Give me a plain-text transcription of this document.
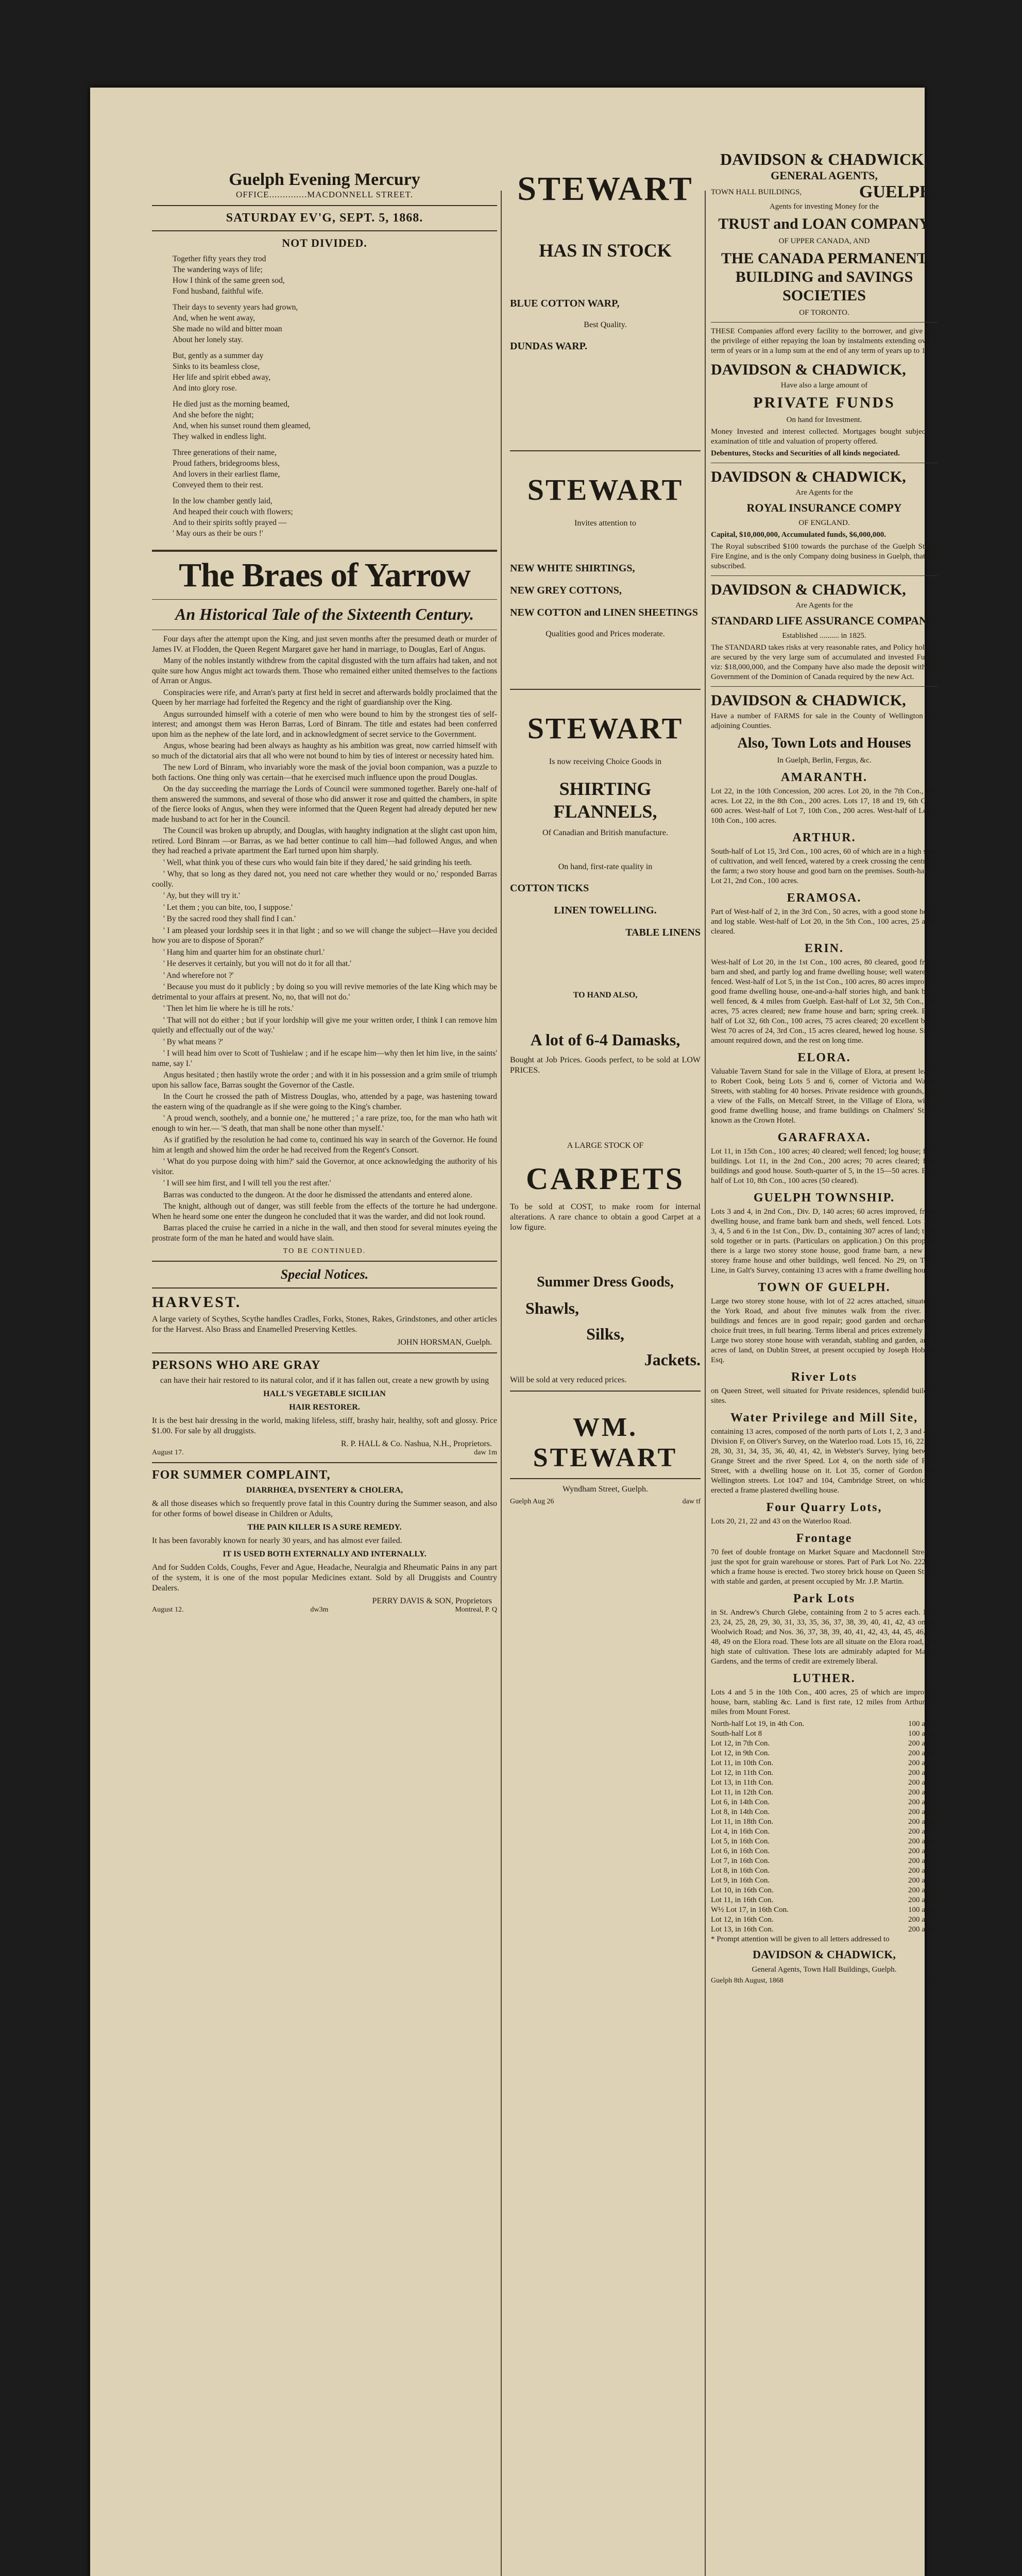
Guelph Evening Mercury
OFFICE..............MACDONNELL STREET.
SATURDAY EV'G, SEPT. 5, 1868.
NOT DIVIDED.

Together fifty years they trod

The wandering ways of life;

How I think of the same green sod,

Fond husband, faithful wife.

Their days to seventy years had grown,

And, when he went away,

She made no wild and bitter moan

About her lonely stay.

But, gently as a summer day

Sinks to its beamless close,

Her life and spirit ebbed away,

And into glory rose.

He died just as the morning beamed,

And she before the night;

And, when his sunset round them gleamed,

They walked in endless light.

Three generations of their name,

Proud fathers, bridegrooms bless,

And lovers in their earliest flame,

Conveyed them to their rest.

In the low chamber gently laid,

And heaped their couch with flowers;

And to their spirits softly prayed —

' May ours as their be ours !'

The Braes of Yarrow
An Historical Tale of the Sixteenth Century.

Four days after the attempt upon the King, and just seven months after the presumed death or murder of James IV. at Flodden, the Queen Regent Margaret gave her hand in marriage, to Douglas, Earl of Angus.

Many of the nobles instantly withdrew from the capital disgusted with the turn affairs had taken, and not quite sure how Angus might act towards them. Those who remained either united themselves to the factions of Arran or Angus.

Conspiracies were rife, and Arran's party at first held in secret and afterwards boldly proclaimed that the Queen by her marriage had forfeited the Regency and the right of guardianship over the King.

Angus surrounded himself with a coterie of men who were bound to him by the strongest ties of self-interest; and amongst them was Heron Barras, Lord of Binram. The title and estates had been conferred upon him as the nephew of the late lord, and in acknowledgment of secret service to the Government.

Angus, whose bearing had been always as haughty as his ambition was great, now carried himself with so much of the dictatorial airs that all who were not bound to him by ties of interest or necessity hated him.

The new Lord of Binram, who invariably wore the mask of the jovial boon companion, was a puzzle to both factions. One thing only was certain—that he exercised much influence upon the proud Douglas.

On the day succeeding the marriage the Lords of Council were summoned together. Barely one-half of them answered the summons, and several of those who did answer it rose and quitted the chambers, in spite of the fierce looks of Angus, when they were informed that the Queen Regent had already deputed her new made husband to act for her in the Council.

The Council was broken up abruptly, and Douglas, with haughty indignation at the slight cast upon him, retired. Lord Binram —or Barras, as we had better continue to call him—had followed Angus, and when they had reached a private apartment the Earl turned upon him sharply.

' Well, what think you of these curs who would fain bite if they dared,' he said grinding his teeth.

' Why, that so long as they dared not, you need not care whether they would or no,' responded Barras coolly.

' Ay, but they will try it.'

' Let them ; you can bite, too, I suppose.'

' By the sacred rood they shall find I can.'

' I am pleased your lordship sees it in that light ; and so we will change the subject—Have you decided how you are to dispose of Sporan?'

' Hang him and quarter him for an obstinate churl.'

' He deserves it certainly, but you will not do it for all that.'

' And wherefore not ?'

' Because you must do it publicly ; by doing so you will revive memories of the late King which may be detrimental to your affairs at present. No, no, that will not do.'

' Then let him lie where he is till he rots.'

' That will not do either ; but if your lordship will give me your written order, I think I can remove him quietly and effectually out of the way.'

' By what means ?'

' I will head him over to Scott of Tushielaw ; and if he escape him—why then let him live, in the saints' name, say I.'

Angus hesitated ; then hastily wrote the order ; and with it in his possession and a grim smile of triumph upon his sallow face, Barras sought the Governor of the Castle.

In the Court he crossed the path of Mistress Douglas, who, attended by a page, was hastening toward the eastern wing of the quadrangle as if she were going to the King's chamber.

' A proud wench, soothely, and a bonnie one,' he muttered ; ' a rare prize, too, for the man who hath wit enough to win her.— 'S death, that man shall be none other than myself.'

As if gratified by the resolution he had come to, continued his way in search of the Governor. He found him at length and showed him the order he had received from the Regent's Consort.

' What do you purpose doing with him?' said the Governor, at once acknowledging the authority of his visitor.

' I will see him first, and I will tell you the rest after.'

Barras was conducted to the dungeon. At the door he dismissed the attendants and entered alone.

The knight, although out of danger, was still feeble from the effects of the torture he had undergone. When he heard some one enter the dungeon he concluded that it was the warder, and did not look round.

Barras placed the cruise he carried in a niche in the wall, and then stood for several minutes eyeing the prostrate form of the man he hated and would have slain.

TO BE CONTINUED.
Special Notices.
HARVEST.

A large variety of Scythes, Scythe handles Cradles, Forks, Stones, Rakes, Grindstones, and other articles for the Harvest. Also Brass and Enamelled Preserving Kettles.

JOHN HORSMAN, Guelph.
PERSONS WHO ARE GRAY

can have their hair restored to its natural color, and if it has fallen out, create a new growth by using

HALL'S VEGETABLE SICILIAN

HAIR RESTORER.

It is the best hair dressing in the world, making lifeless, stiff, brashy hair, healthy, soft and glossy. Price $1.00. For sale by all druggists.

R. P. HALL & Co. Nashua, N.H., Proprietors.
August 17.	daw 1m
FOR SUMMER COMPLAINT,

DIARRHŒA, DYSENTERY & CHOLERA,

& all those diseases which so frequently prove fatal in this Country during the Summer season, and also for other forms of bowel disease in Children or Adults,

THE PAIN KILLER IS A SURE REMEDY.

It has been favorably known for nearly 30 years, and has almost ever failed.

IT IS USED BOTH EXTERNALLY AND INTERNALLY.

And for Sudden Colds, Coughs, Fever and Ague, Headache, Neuralgia and Rheumatic Pains in any part of the system, it is one of the most popular Medicines extant. Sold by all Druggists and Country Dealers.

PERRY DAVIS & SON, Proprietors
August 12.	dw3m	Montreal, P. Q
STEWART
HAS IN STOCK
BLUE COTTON WARP,

Best Quality.

DUNDAS WARP.
STEWART

Invites attention to

NEW WHITE SHIRTINGS,
NEW GREY COTTONS,
NEW COTTON and LINEN SHEETINGS

Qualities good and Prices moderate.

STEWART

Is now receiving Choice Goods in

SHIRTING FLANNELS,

Of Canadian and British manufacture.

On hand, first-rate quality in

COTTON TICKS
LINEN TOWELLING.
TABLE LINENS

TO HAND ALSO,

A lot of 6-4 Damasks,

Bought at Job Prices. Goods perfect, to be sold at LOW PRICES.

A LARGE STOCK OF

CARPETS

To be sold at COST, to make room for internal alterations. A rare chance to obtain a good Carpet at a low figure.

Summer Dress Goods,
Shawls,
Silks,
Jackets.

Will be sold at very reduced prices.

WM. STEWART

Wyndham Street, Guelph.

Guelph Aug 26	daw tf
DAVIDSON & CHADWICK,
GENERAL AGENTS,
TOWN HALL BUILDINGS,	GUELPH,

Agents for investing Money for the

TRUST and LOAN COMPANY

OF UPPER CANADA, AND

THE CANADA PERMANENT BUILDING and SAVINGS SOCIETIES

OF TORONTO.

THESE Companies afford every facility to the borrower, and give him the privilege of either repaying the loan by instalments extending over a term of years or in a lump sum at the end of any term of years up to 15.

DAVIDSON & CHADWICK,

Have also a large amount of

PRIVATE FUNDS

On hand for Investment.

Money Invested and interest collected. Mortgages bought subject to examination of title and valuation of property offered.

Debentures, Stocks and Securities of all kinds negociated.

DAVIDSON & CHADWICK,

Are Agents for the

ROYAL INSURANCE COMPY

OF ENGLAND.

Capital, $10,000,000, Accumulated funds, $6,000,000.

The Royal subscribed $100 towards the purchase of the Guelph Steam Fire Engine, and is the only Company doing business in Guelph, that has subscribed.

DAVIDSON & CHADWICK,

Are Agents for the

STANDARD LIFE ASSURANCE COMPANY.

Established .......... in 1825.

The STANDARD takes risks at very reasonable rates, and Policy holders are secured by the very large sum of accumulated and invested Funds, viz: $18,000,000, and the Company have also made the deposit with the Government of the Dominion of Canada required by the new Act.

DAVIDSON & CHADWICK,

Have a number of FARMS for sale in the County of Wellington and adjoining Counties.

Also, Town Lots and Houses

In Guelph, Berlin, Fergus, &c.

AMARANTH.

Lot 22, in the 10th Concession, 200 acres. Lot 20, in the 7th Con., 200 acres. Lot 22, in the 8th Con., 200 acres. Lots 17, 18 and 19, 6th Con., 600 acres. West-half of Lot 7, 10th Con., 200 acres. West-half of Lot 8, 10th Con., 100 acres.

ARTHUR.

South-half of Lot 15, 3rd Con., 100 acres, 60 of which are in a high state of cultivation, and well fenced, watered by a creek crossing the centre of the farm; a two story house and good barn on the premises. South-half of Lot 21, 2nd Con., 100 acres.

ERAMOSA.

Part of West-half of 2, in the 3rd Con., 50 acres, with a good stone house and log stable. West-half of Lot 20, in the 5th Con., 100 acres, 25 acres cleared.

ERIN.

West-half of Lot 20, in the 1st Con., 100 acres, 80 cleared, good frame barn and shed, and partly log and frame dwelling house; well watered & fenced. West-half of Lot 5, in the 1st Con., 100 acres, 80 acres improved; good frame dwelling house, one-and-a-half stories high, and bank barn; well fenced, & 4 miles from Guelph. East-half of Lot 32, 5th Con., 100 acres, 75 acres cleared; new frame house and barn; spring creek. East-half of Lot 32, 6th Con., 100 acres, 75 acres cleared; 20 excellent bush. West 70 acres of 24, 3rd Con., 15 acres cleared, hewed log house. Small amount required down, and the rest on long time.

ELORA.

Valuable Tavern Stand for sale in the Village of Elora, at present leased to Robert Cook, being Lots 5 and 6, corner of Victoria and Walnut Streets, with stabling for 40 horses. Private residence with grounds, and a view of the Falls, on Metcalf Street, in the Village of Elora, with a good frame dwelling house, and frame buildings on Chalmers' Street, known as the Crown Hotel.

GARAFRAXA.

Lot 11, in 15th Con., 100 acres; 40 cleared; well fenced; log house; farm buildings. Lot 11, in the 2nd Con., 200 acres; 70 acres cleared; farm buildings and good house. South-quarter of 5, in the 15—50 acres. East-half of Lot 10, 8th Con., 100 acres (50 cleared).

GUELPH TOWNSHIP.

Lots 3 and 4, in 2nd Con., Div. D, 140 acres; 60 acres improved, frame dwelling house, and frame bank barn and sheds, well fenced. Lots 1, 2, 3, 4, 5 and 6 in the 1st Con., Div. D., containing 307 acres of land; to be sold together or in parts. (Particulars on application.) On this property there is a large two storey stone house, good frame barn, a new two storey frame house and other buildings, well fenced. No 29, on Town Line, in Galt's Survey, containing 13 acres with a frame dwelling house.

TOWN OF GUELPH.

Large two storey stone house, with lot of 22 acres attached, situate on the York Road, and about five minutes walk from the river. The buildings and fences are in good repair; good garden and orchard of choice fruit trees, in full bearing. Terms liberal and prices extremely low. Large two storey stone house with verandah, stabling and garden, and 2 acres of land, on Dublin Street, at present occupied by Joseph Hobson, Esq.

River Lots

on Queen Street, well situated for Private residences, splendid building sites.

Water Privilege and Mill Site,

containing 13 acres, composed of the north parts of Lots 1, 2, 3 and 4, in Division F, on Oliver's Survey, on the Waterloo road. Lots 15, 16, 22, 26, 28, 30, 31, 34, 35, 36, 40, 41, 42, in Webster's Survey, lying between Grange Street and the river Speed. Lot 4, on the north side of Pearl Street, with a dwelling house on it. Lot 35, corner of Gordon and Wellington streets. Lot 1047 and 104, Cambridge Street, on which is erected a frame plastered dwelling house.

Four Quarry Lots,

Lots 20, 21, 22 and 43 on the Waterloo Road.

Frontage

70 feet of double frontage on Market Square and Macdonnell Street—just the spot for grain warehouse or stores. Part of Park Lot No. 222, on which a frame house is erected. Two storey brick house on Queen Street, with stable and garden, at present occupied by Mr. J.P. Martin.

Park Lots

in St. Andrew's Church Glebe, containing from 2 to 5 acres each. Nos. 23, 24, 25, 28, 29, 30, 31, 33, 35, 36, 37, 38, 39, 40, 41, 42, 43 on the Woolwich Road; and Nos. 36, 37, 38, 39, 40, 41, 42, 43, 44, 45, 46, 47, 48, 49 on the Elora road. These lots are all situate on the Elora road, in a high state of cultivation. These lots are admirably adapted for Market Gardens, and the terms of credit are extremely liberal.

LUTHER.

Lots 4 and 5 in the 10th Con., 400 acres, 25 of which are improved; house, barn, stabling &c. Land is first rate, 12 miles from Arthur, 12 miles from Mount Forest.

North-half Lot 19, in 4th Con.	100 acres
South-half Lot 8	100 acres
Lot 12, in 7th Con.	200 acres
Lot 12, in 9th Con.	200 acres
Lot 11, in 10th Con.	200 acres
Lot 12, in 11th Con.	200 acres
Lot 13, in 11th Con.	200 acres
Lot 11, in 12th Con.	200 acres
Lot 6, in 14th Con.	200 acres
Lot 8, in 14th Con.	200 acres
Lot 11, in 18th Con.	200 acres
Lot 4, in 16th Con.	200 acres
Lot 5, in 16th Con.	200 acres
Lot 6, in 16th Con.	200 acres
Lot 7, in 16th Con.	200 acres
Lot 8, in 16th Con.	200 acres
Lot 9, in 16th Con.	200 acres
Lot 10, in 16th Con.	200 acres
Lot 11, in 16th Con.	200 acres
W½ Lot 17, in 16th Con.	100 acres
Lot 12, in 16th Con.	200 acres
Lot 13, in 16th Con.	200 acres

* Prompt attention will be given to all letters addressed to

DAVIDSON & CHADWICK,

General Agents, Town Hall Buildings, Guelph.

Guelph 8th August, 1868	dw
